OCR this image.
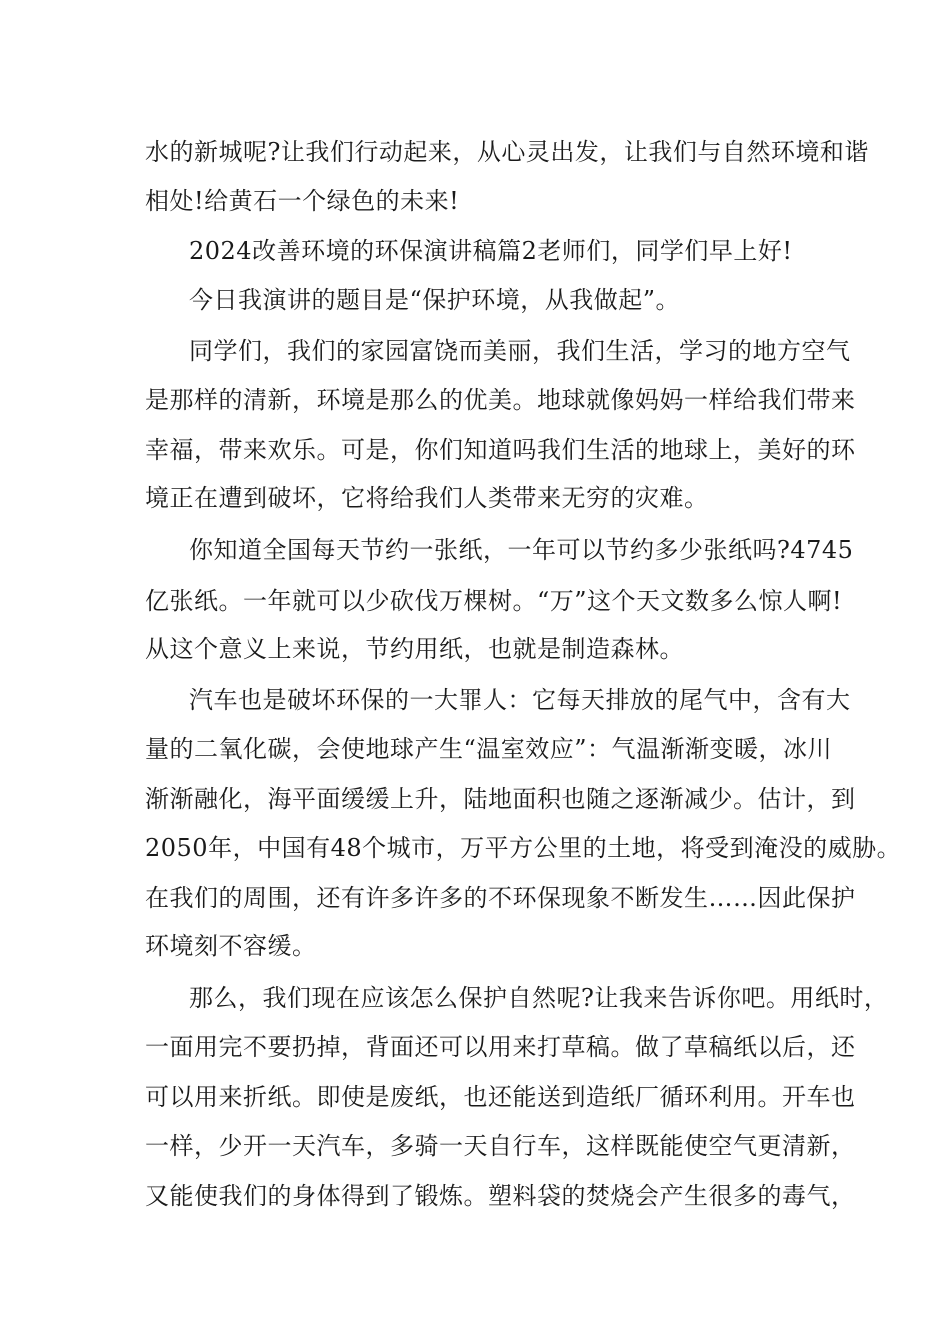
水的新城呢?让我们行动起来，从心灵出发，让我们与自然环境和谐
相处!给黄石一个绿色的未来!
2024改善环境的环保演讲稿篇2老师们，同学们早上好!
今日我演讲的题目是“保护环境，从我做起”。
同学们，我们的家园富饶而美丽，我们生活，学习的地方空气
是那样的清新，环境是那么的优美。地球就像妈妈一样给我们带来
幸福，带来欢乐。可是，你们知道吗我们生活的地球上，美好的环
境正在遭到破坏，它将给我们人类带来无穷的灾难。
你知道全国每天节约一张纸，一年可以节约多少张纸吗?4745
亿张纸。一年就可以少砍伐万棵树。“万”这个天文数多么惊人啊!
从这个意义上来说，节约用纸，也就是制造森林。
汽车也是破坏环保的一大罪人：它每天排放的尾气中，含有大
量的二氧化碳，会使地球产生“温室效应”：气温渐渐变暖，冰川
渐渐融化，海平面缓缓上升，陆地面积也随之逐渐减少。估计，到
2050年，中国有48个城市，万平方公里的土地，将受到淹没的威胁。
在我们的周围，还有许多许多的不环保现象不断发生……因此保护
环境刻不容缓。
那么，我们现在应该怎么保护自然呢?让我来告诉你吧。用纸时，
一面用完不要扔掉，背面还可以用来打草稿。做了草稿纸以后，还
可以用来折纸。即使是废纸，也还能送到造纸厂循环利用。开车也
一样，少开一天汽车，多骑一天自行车，这样既能使空气更清新，
又能使我们的身体得到了锻炼。塑料袋的焚烧会产生很多的毒气，
